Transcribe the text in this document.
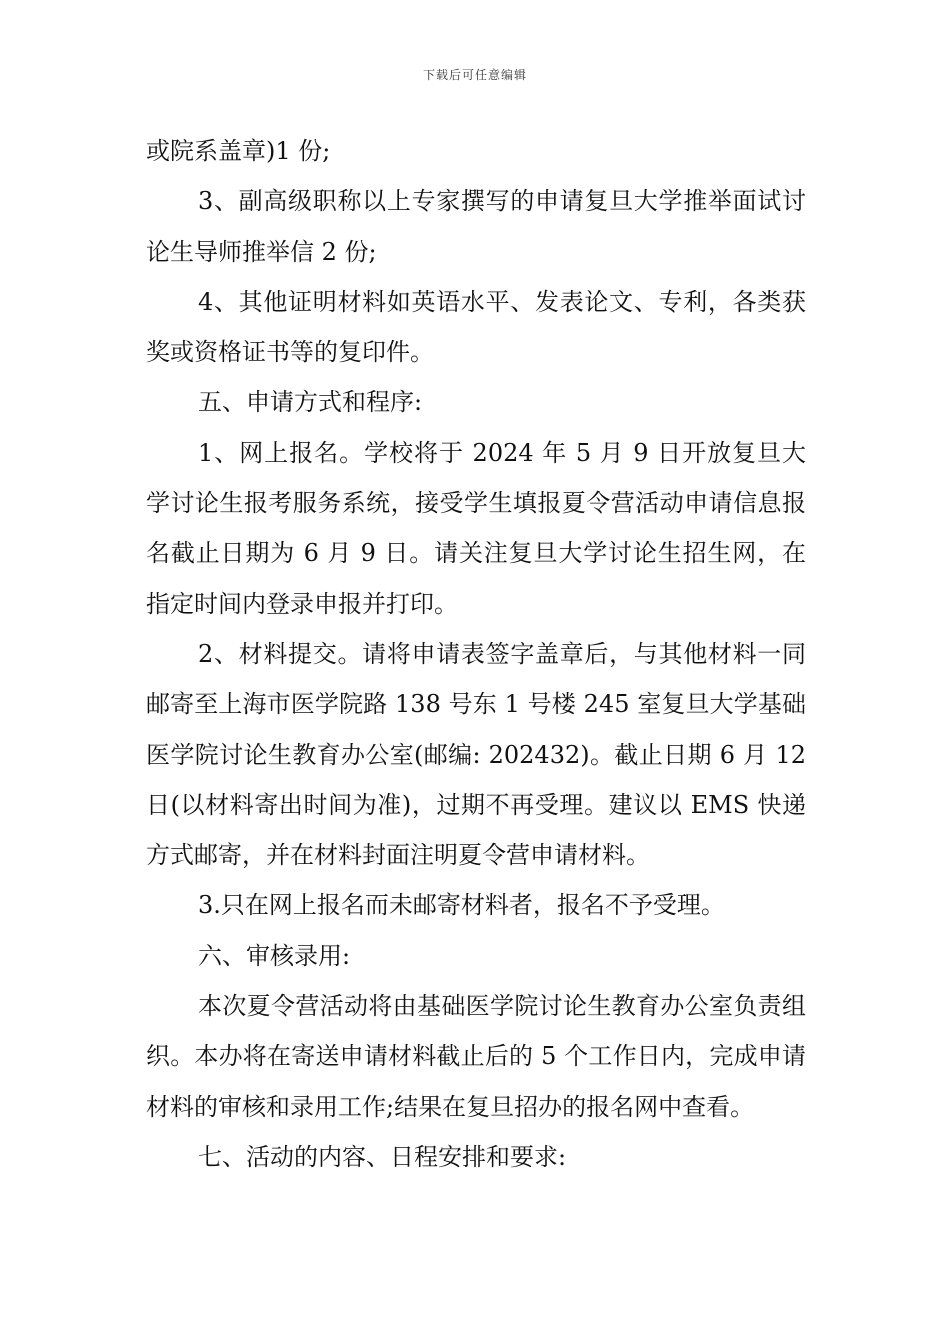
下载后可任意编辑

或院系盖章)1 份;

3、副高级职称以上专家撰写的申请复旦大学推举面试讨论生导师推举信 2 份;

4、其他证明材料如英语水平、发表论文、专利，各类获奖或资格证书等的复印件。

五、申请方式和程序:

1、网上报名。学校将于 2024 年 5 月 9 日开放复旦大学讨论生报考服务系统，接受学生填报夏令营活动申请信息报名截止日期为 6 月 9 日。请关注复旦大学讨论生招生网，在指定时间内登录申报并打印。

2、材料提交。请将申请表签字盖章后，与其他材料一同邮寄至上海市医学院路 138 号东 1 号楼 245 室复旦大学基础医学院讨论生教育办公室(邮编: 202432)。截止日期 6 月 12 日(以材料寄出时间为准)，过期不再受理。建议以 EMS 快递方式邮寄，并在材料封面注明夏令营申请材料。

3.只在网上报名而未邮寄材料者，报名不予受理。

六、审核录用:

本次夏令营活动将由基础医学院讨论生教育办公室负责组织。本办将在寄送申请材料截止后的 5 个工作日内，完成申请材料的审核和录用工作;结果在复旦招办的报名网中查看。

七、活动的内容、日程安排和要求:
